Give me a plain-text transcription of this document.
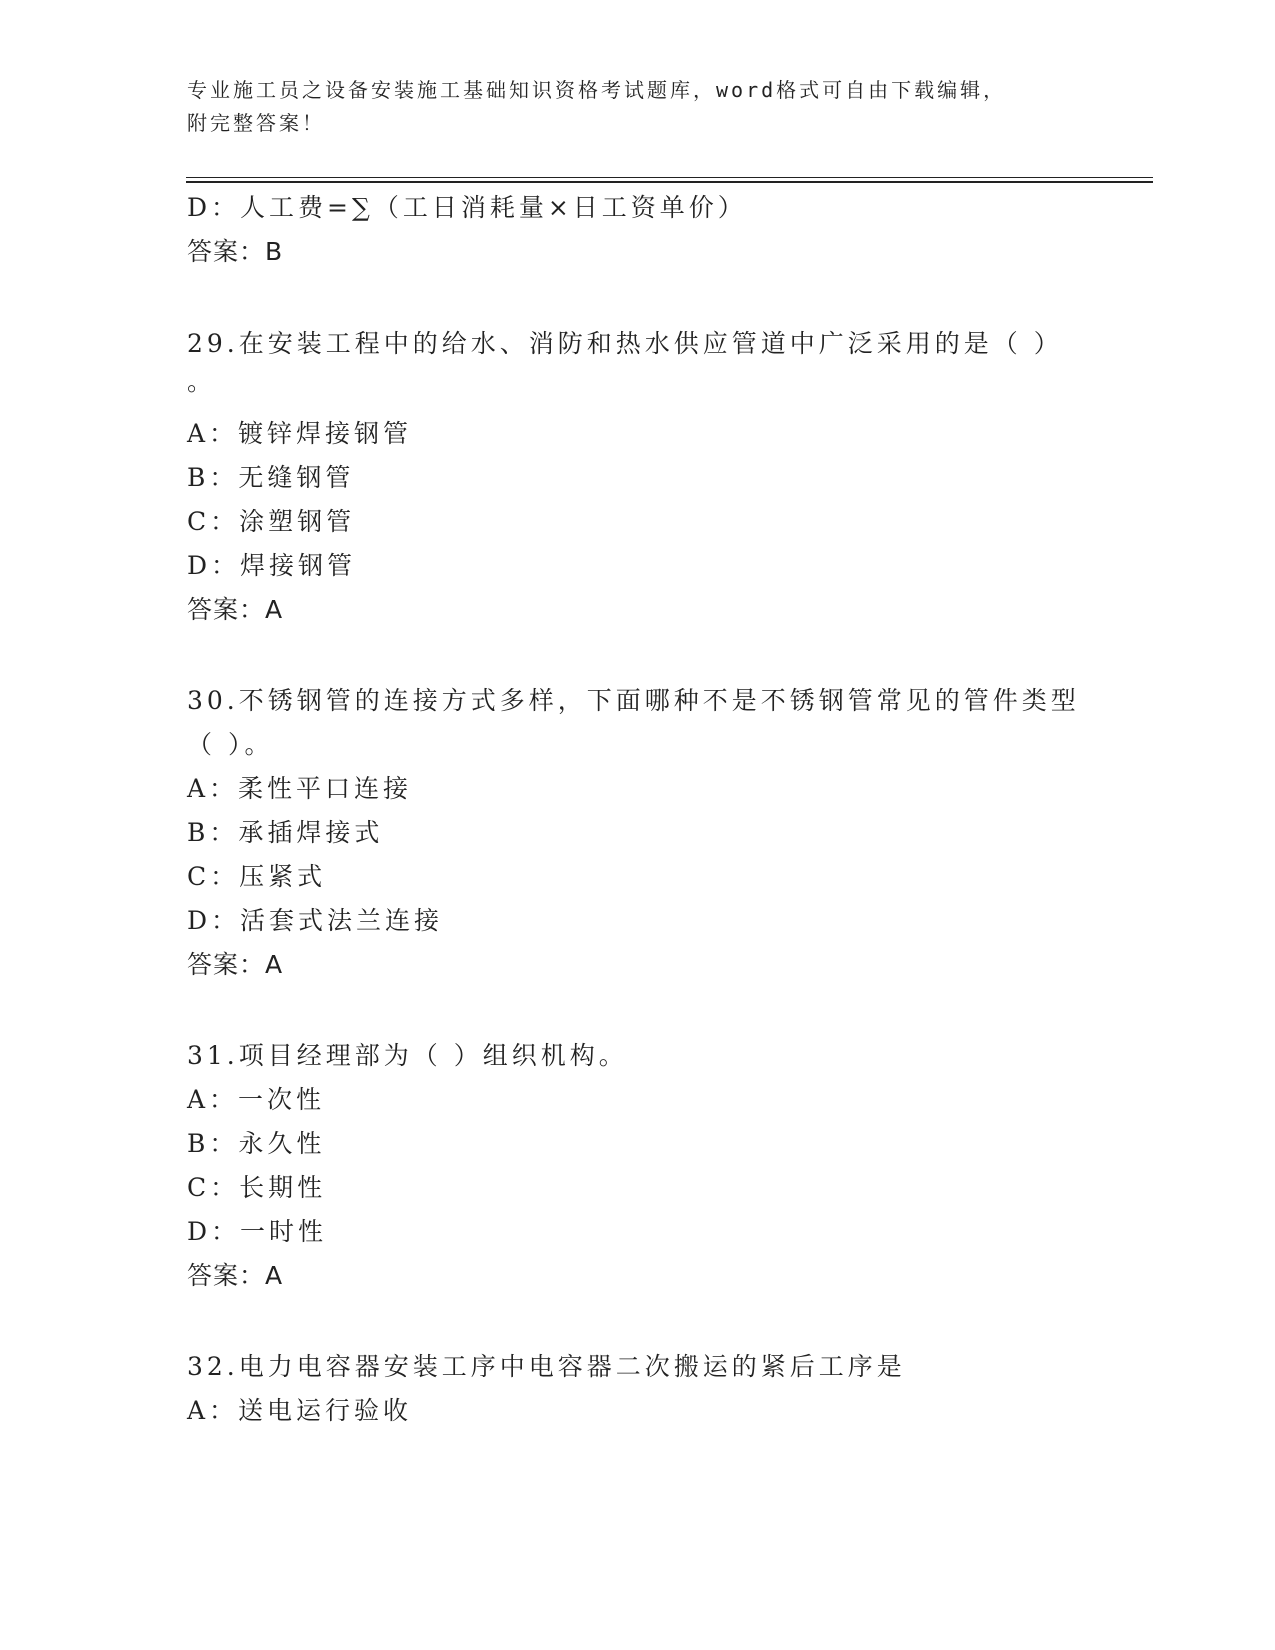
专业施工员之设备安装施工基础知识资格考试题库，word格式可自由下载编辑，
附完整答案！
D：人工费=∑（工日消耗量×日工资单价）
答案：B
29.在安装工程中的给水、消防和热水供应管道中广泛采用的是（ ）
。
A：镀锌焊接钢管
B：无缝钢管
C：涂塑钢管
D：焊接钢管
答案：A
30.不锈钢管的连接方式多样，下面哪种不是不锈钢管常见的管件类型
（ ）。
A：柔性平口连接
B：承插焊接式
C：压紧式
D：活套式法兰连接
答案：A
31.项目经理部为（ ）组织机构。
A：一次性
B：永久性
C：长期性
D：一时性
答案：A
32.电力电容器安装工序中电容器二次搬运的紧后工序是
A：送电运行验收
